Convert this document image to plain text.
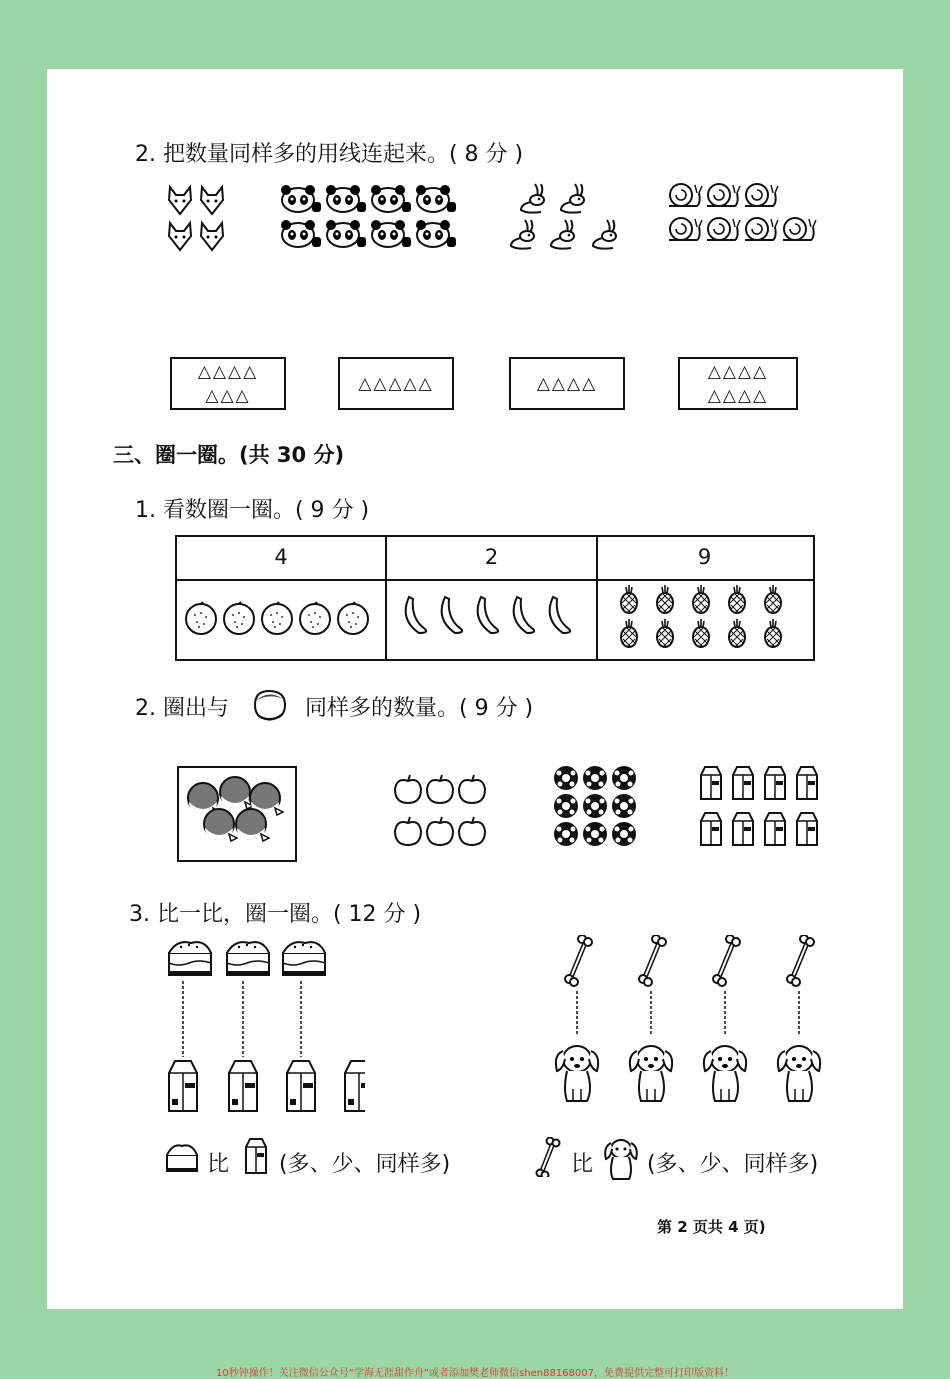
2. 把数量同样多的用线连起来。( 8 分 )
△△△△
△△△
△△△△△	△△△△
△△△△
△△△△
三、圈一圈。(共 30 分)
1. 看数圈一圈。( 9 分 )
4	2	9
2. 圈出与	同样多的数量。( 9 分 )
3. 比一比，圈一圈。( 12 分 )
比 (多、少、同样多)	比 (多、少、同样多)
第 2 页共 4 页)
10秒钟操作！关注微信公众号“学海无涯甜作舟”或者添加樊老师微信shen88168007，免费提供完整可打印版资料！
